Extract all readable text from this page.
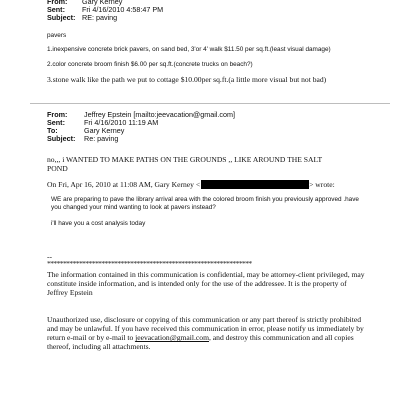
From: Gary Kerney
Sent: Fri 4/16/2010 4:58:47 PM
Subject: RE: paving
pavers
1.inexpensive concrete brick pavers, on sand bed, 3'or 4' walk $11.50 per sq.ft.(least visual damage)
2.color concrete broom finish $6.00 per sq.ft.(concrete trucks on beach?)
3.stone walk like the path we put to cottage $10.00per sq.ft.(a little more visual but not bad)
From: Jeffrey Epstein [mailto:jeevacation@gmail.com]
Sent:	Fri 4/16/2010 11:19 AM
To:	Gary Kerney
Subject: Re: paving
no,,, i WANTED TO MAKE PATHS ON THE GROUNDS ,, LIKE AROUND THE SALT
POND
On Fri, Apr 16, 2010 at 11:08 AM, Gary Kerney <	> wrote:
WE are preparing to pave the library arrival area with the colored broom finish you previously approved .have you changed your mind wanting to look at pavers instead?
i'll have you a cost analysis today
--
****************************************************************
The information contained in this communication is confidential, may be attorney-client privileged, may constitute inside information, and is intended only for the use of the addressee. It is the property of Jeffrey Epstein
Unauthorized use, disclosure or copying of this communication or any part thereof is strictly prohibited and may be unlawful. If you have received this communication in error, please notify us immediately by return e-mail or by e-mail to jeevacation@gmail.com, and destroy this communication and all copies thereof, including all attachments.
